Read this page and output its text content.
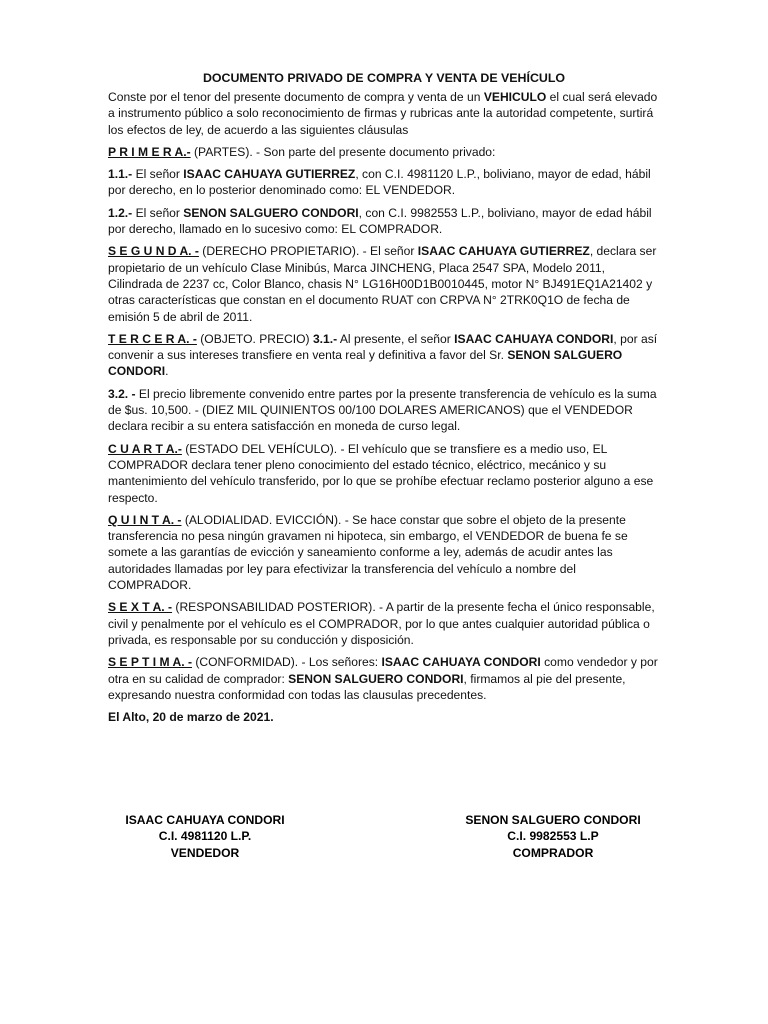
DOCUMENTO PRIVADO DE COMPRA Y VENTA DE VEHÍCULO

Conste por el tenor del presente documento de compra y venta de un VEHICULO el cual será elevado a instrumento público a solo reconocimiento de firmas y rubricas ante la autoridad competente, surtirá los efectos de ley, de acuerdo a las siguientes cláusulas

P R I M E R A.- (PARTES). - Son parte del presente documento privado:

1.1.- El señor ISAAC CAHUAYA GUTIERREZ, con C.I. 4981120 L.P., boliviano, mayor de edad, hábil por derecho, en lo posterior denominado como: EL VENDEDOR.

1.2.- El señor SENON SALGUERO CONDORI, con C.I. 9982553 L.P., boliviano, mayor de edad hábil por derecho, llamado en lo sucesivo como: EL COMPRADOR.

S E G U N D A. - (DERECHO PROPIETARIO). - El señor ISAAC CAHUAYA GUTIERREZ, declara ser propietario de un vehículo Clase Minibús, Marca JINCHENG, Placa 2547 SPA, Modelo 2011, Cilindrada de 2237 cc, Color Blanco, chasis N° LG16H00D1B0010445, motor N° BJ491EQ1A21402 y otras características que constan en el documento RUAT con CRPVA N° 2TRK0Q1O de fecha de emisión 5 de abril de 2011.

T E R C E R A. - (OBJETO. PRECIO) 3.1.- Al presente, el señor ISAAC CAHUAYA CONDORI, por así convenir a sus intereses transfiere en venta real y definitiva a favor del Sr. SENON SALGUERO CONDORI.

3.2. - El precio libremente convenido entre partes por la presente transferencia de vehículo es la suma de $us. 10,500. - (DIEZ MIL QUINIENTOS 00/100 DOLARES AMERICANOS) que el VENDEDOR declara recibir a su entera satisfacción en moneda de curso legal.

C U A R T A.- (ESTADO DEL VEHÍCULO). - El vehículo que se transfiere es a medio uso, EL COMPRADOR declara tener pleno conocimiento del estado técnico, eléctrico, mecánico y su mantenimiento del vehículo transferido, por lo que se prohíbe efectuar reclamo posterior alguno a ese respecto.

Q U I N T A. - (ALODIALIDAD. EVICCIÓN). - Se hace constar que sobre el objeto de la presente transferencia no pesa ningún gravamen ni hipoteca, sin embargo, el VENDEDOR de buena fe se somete a las garantías de evicción y saneamiento conforme a ley, además de acudir antes las autoridades llamadas por ley para efectivizar la transferencia del vehículo a nombre del COMPRADOR.

S E X T A. - (RESPONSABILIDAD POSTERIOR). - A partir de la presente fecha el único responsable, civil y penalmente por el vehículo es el COMPRADOR, por lo que antes cualquier autoridad pública o privada, es responsable por su conducción y disposición.

S E P T I M A. - (CONFORMIDAD). - Los señores: ISAAC CAHUAYA CONDORI como vendedor y por otra en su calidad de comprador: SENON SALGUERO CONDORI, firmamos al pie del presente, expresando nuestra conformidad con todas las clausulas precedentes.

El Alto, 20 de marzo de 2021.

ISAAC CAHUAYA CONDORI
C.I. 4981120 L.P.
VENDEDOR
SENON SALGUERO CONDORI
C.I. 9982553 L.P
COMPRADOR
